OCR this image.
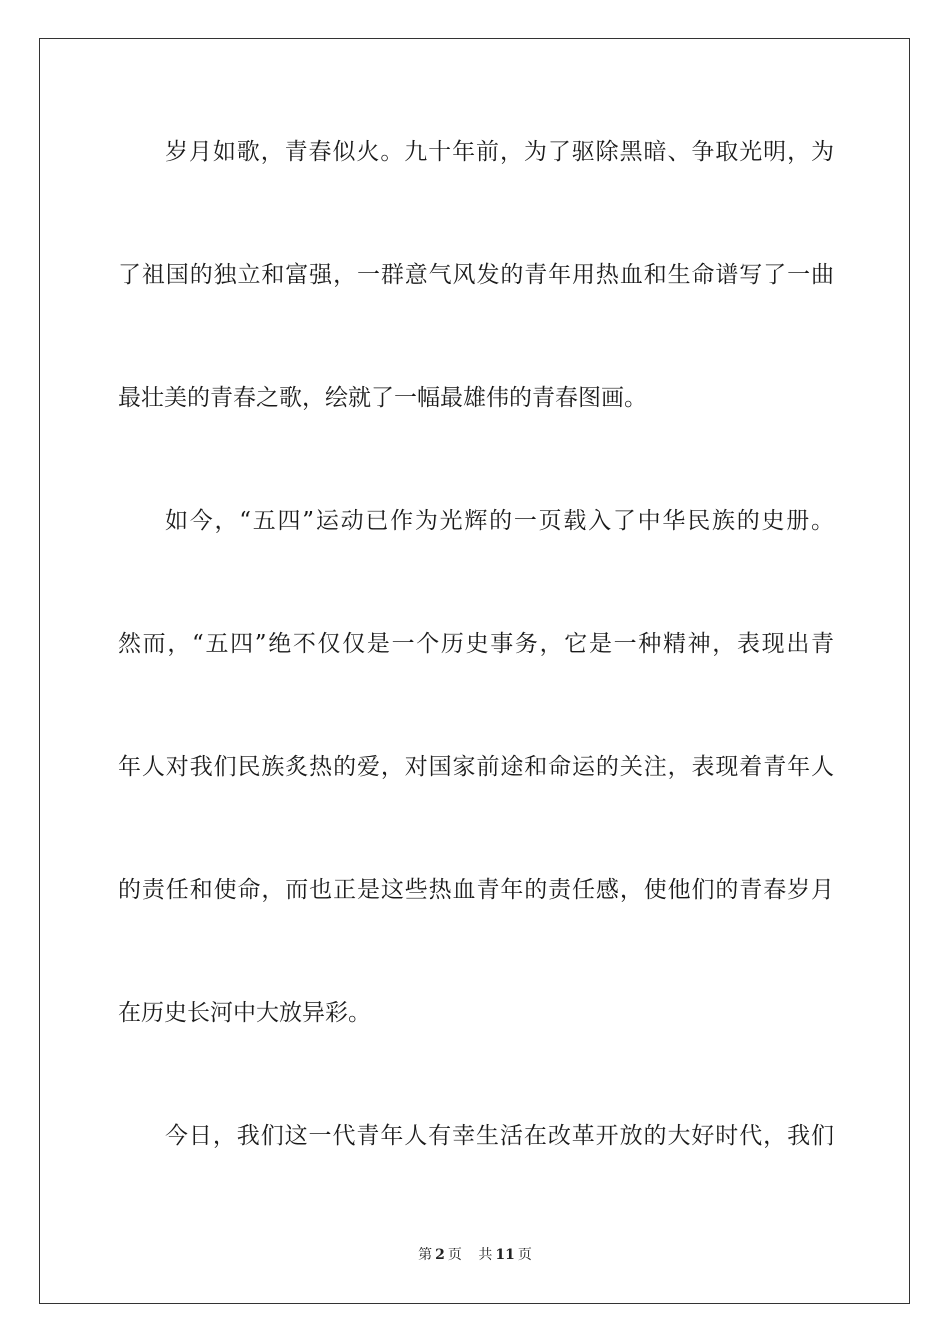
岁月如歌，青春似火。九十年前，为了驱除黑暗、争取光明，为
了祖国的独立和富强，一群意气风发的青年用热血和生命谱写了一曲
最壮美的青春之歌，绘就了一幅最雄伟的青春图画。
如今，“五四”运动已作为光辉的一页载入了中华民族的史册。
然而，“五四”绝不仅仅是一个历史事务，它是一种精神，表现出青
年人对我们民族炙热的爱，对国家前途和命运的关注，表现着青年人
的责任和使命，而也正是这些热血青年的责任感，使他们的青春岁月
在历史长河中大放异彩。
今日，我们这一代青年人有幸生活在改革开放的大好时代，我们
第 2 页 共 11 页
